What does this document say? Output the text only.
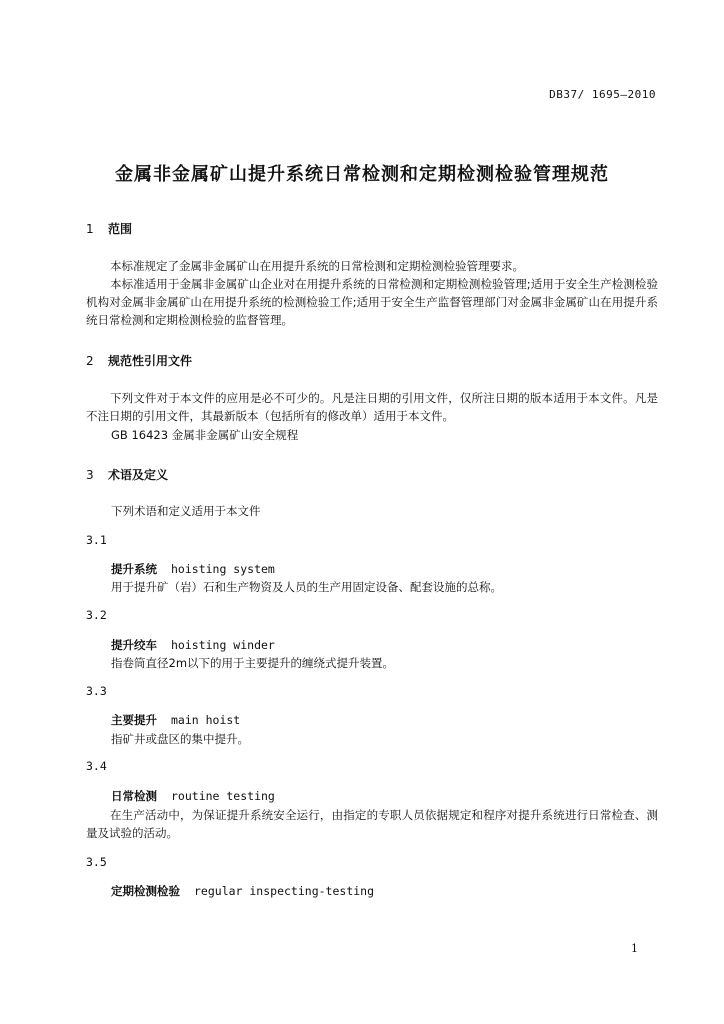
DB37/ 1695—2010
金属非金属矿山提升系统日常检测和定期检测检验管理规范
1 范围
本标准规定了金属非金属矿山在用提升系统的日常检测和定期检测检验管理要求。
本标准适用于金属非金属矿山企业对在用提升系统的日常检测和定期检测检验管理;适用于安全生产检测检验机构对金属非金属矿山在用提升系统的检测检验工作;适用于安全生产监督管理部门对金属非金属矿山在用提升系统日常检测和定期检测检验的监督管理。
2 规范性引用文件
下列文件对于本文件的应用是必不可少的。凡是注日期的引用文件，仅所注日期的版本适用于本文件。凡是不注日期的引用文件，其最新版本（包括所有的修改单）适用于本文件。
GB 16423 金属非金属矿山安全规程
3 术语及定义
下列术语和定义适用于本文件
3.1
提升系统 hoisting system
用于提升矿（岩）石和生产物资及人员的生产用固定设备、配套设施的总称。
3.2
提升绞车 hoisting winder
指卷筒直径2m以下的用于主要提升的缠绕式提升装置。
3.3
主要提升 main hoist
指矿井或盘区的集中提升。
3.4
日常检测 routine testing
在生产活动中，为保证提升系统安全运行，由指定的专职人员依据规定和程序对提升系统进行日常检查、测量及试验的活动。
3.5
定期检测检验 regular inspecting-testing
1
